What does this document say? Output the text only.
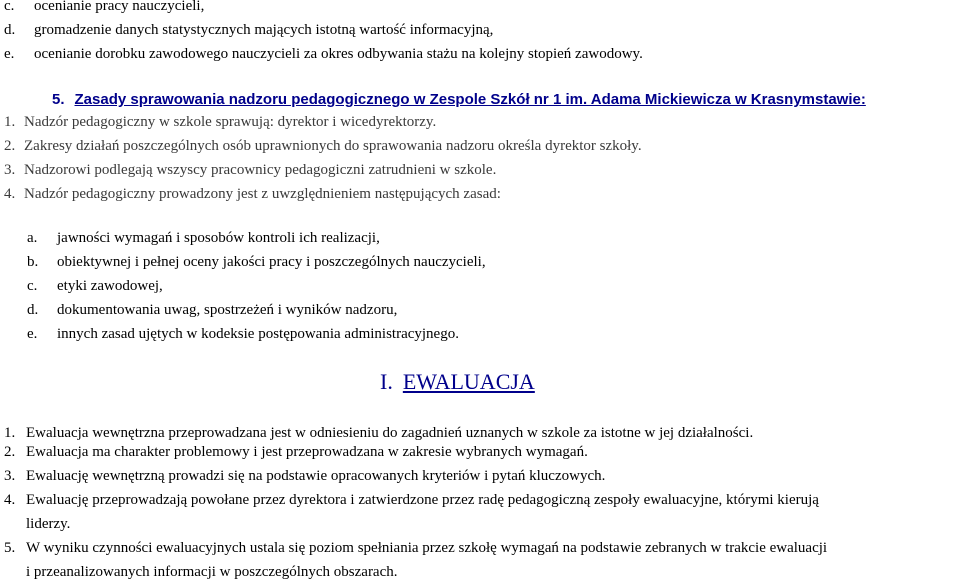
c. ocenianie pracy nauczycieli,
d. gromadzenie danych statystycznych mających istotną wartość informacyjną,
e. ocenianie dorobku zawodowego nauczycieli za okres odbywania stażu na kolejny stopień zawodowy.
5. Zasady sprawowania nadzoru pedagogicznego w Zespole Szkół nr 1 im. Adama Mickiewicza w Krasnymstawie:
1. Nadzór pedagogiczny w szkole sprawują: dyrektor i wicedyrektorzy.
2. Zakresy działań poszczególnych osób uprawnionych do sprawowania nadzoru określa dyrektor szkoły.
3. Nadzorowi podlegają wszyscy pracownicy pedagogiczni zatrudnieni w szkole.
4. Nadzór pedagogiczny prowadzony jest z uwzględnieniem następujących zasad:
a. jawności wymagań i sposobów kontroli ich realizacji,
b. obiektywnej i pełnej oceny jakości pracy i poszczególnych nauczycieli,
c. etyki zawodowej,
d. dokumentowania uwag, spostrzeżeń i wyników nadzoru,
e. innych zasad ujętych w kodeksie postępowania administracyjnego.
I. EWALUACJA
1. Ewaluacja wewnętrzna przeprowadzana jest w odniesieniu do zagadnień uznanych w szkole za istotne w jej działalności.
2. Ewaluacja ma charakter problemowy i jest przeprowadzana w zakresie wybranych wymagań.
3. Ewaluację wewnętrzną prowadzi się na podstawie opracowanych kryteriów i pytań kluczowych.
4. Ewaluację przeprowadzają powołane przez dyrektora i zatwierdzone przez radę pedagogiczną zespoły ewaluacyjne, którymi kierują
liderzy.
5. W wyniku czynności ewaluacyjnych ustala się poziom spełniania przez szkołę wymagań na podstawie zebranych w trakcie ewaluacji
i przeanalizowanych informacji w poszczególnych obszarach.
